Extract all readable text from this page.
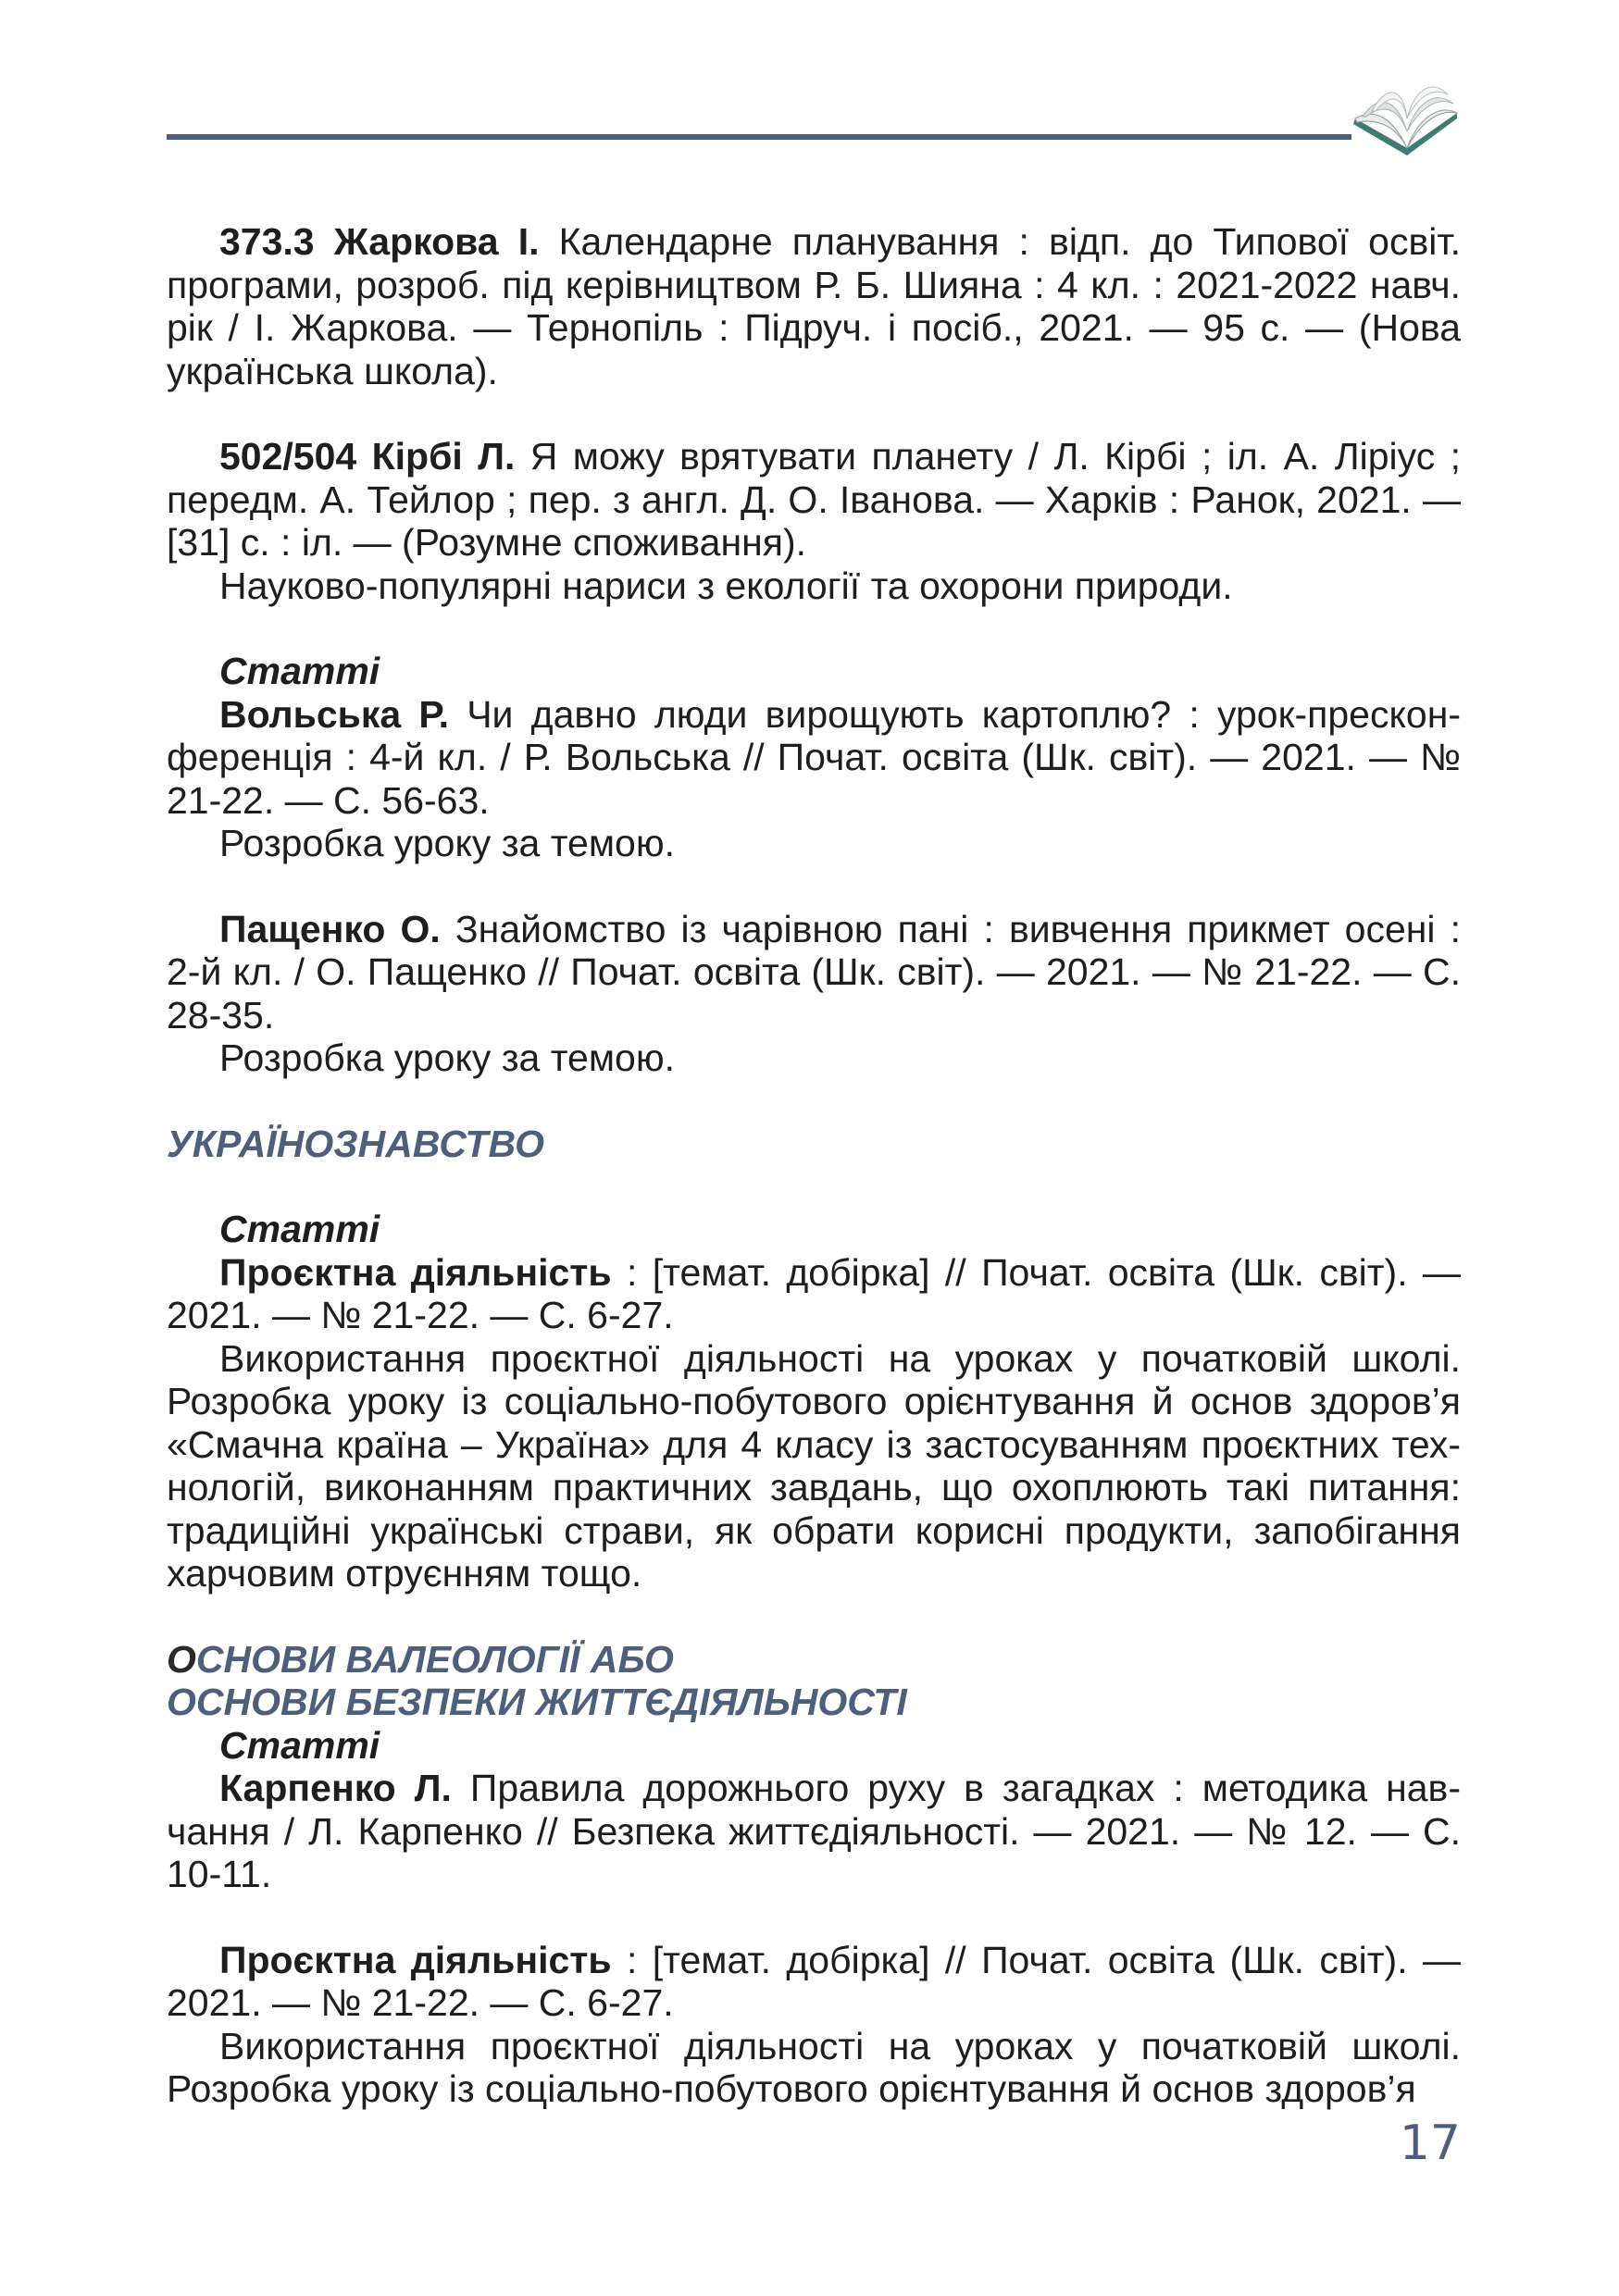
373.3 Жаркова І. Календарне планування : відп. до Типової освіт. програми, розроб. під керівництвом Р. Б. Шияна : 4 кл. : 2021-2022 навч. рік / І. Жаркова. — Тернопіль : Підруч. і посіб., 2021. — 95 с. — (Нова українська школа).

502/504 Кірбі Л. Я можу врятувати планету / Л. Кірбі ; іл. А. Ліріус ; передм. А. Тейлор ; пер. з англ. Д. О. Іванова. — Харків : Ранок, 2021. — [31] с. : іл. — (Розумне споживання).

Науково-популярні нариси з екології та охорони природи.

Статті

Вольська Р. Чи давно люди вирощують картоплю? : урок-пресконференція : 4-й кл. / Р. Вольська // Почат. освіта (Шк. світ). — 2021. — № 21-22. — С. 56-63.

Розробка уроку за темою.

Пащенко О. Знайомство із чарівною пані : вивчення прикмет осені : 2-й кл. / О. Пащенко // Почат. освіта (Шк. світ). — 2021. — № 21-22. — С. 28-35.

Розробка уроку за темою.

УКРАЇНОЗНАВСТВО

Статті

Проєктна діяльність : [темат. добірка] // Почат. освіта (Шк. світ). — 2021. — № 21-22. — С. 6-27.

Використання проєктної діяльності на уроках у початковій школі. Розробка уроку із соціально-побутового орієнтування й основ здоров’я «Смачна країна – Україна» для 4 класу із застосуванням проєктних технологій, виконанням практичних завдань, що охоплюють такі питання: традиційні українські страви, як обрати корисні продукти, запобігання харчовим отруєнням тощо.

ОСНОВИ ВАЛЕОЛОГІЇ АБО

ОСНОВИ БЕЗПЕКИ ЖИТТЄДІЯЛЬНОСТІ

Статті

Карпенко Л. Правила дорожнього руху в загадках : методика навчання / Л. Карпенко // Безпека життєдіяльності. — 2021. — № 12. — С. 10-11.

Проєктна діяльність : [темат. добірка] // Почат. освіта (Шк. світ). — 2021. — № 21-22. — С. 6-27.

Використання проєктної діяльності на уроках у початковій школі. Розробка уроку із соціально-побутового орієнтування й основ здоров’я

17
